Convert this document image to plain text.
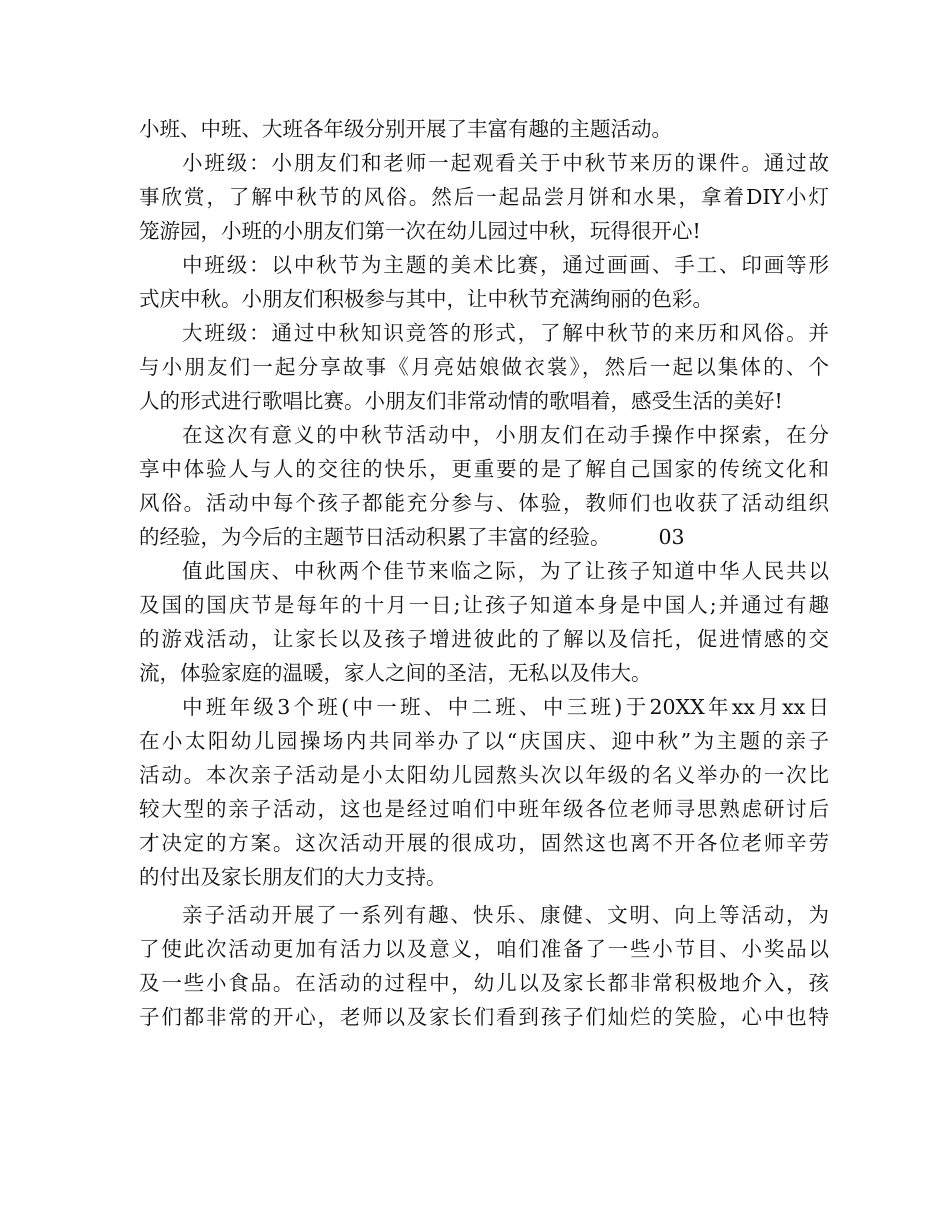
小班、中班、大班各年级分别开展了丰富有趣的主题活动。
小班级：小朋友们和老师一起观看关于中秋节来历的课件。通过故
事欣赏，了解中秋节的风俗。然后一起品尝月饼和水果，拿着DIY小灯
笼游园，小班的小朋友们第一次在幼儿园过中秋，玩得很开心!
中班级：以中秋节为主题的美术比赛，通过画画、手工、印画等形
式庆中秋。小朋友们积极参与其中，让中秋节充满绚丽的色彩。
大班级：通过中秋知识竞答的形式，了解中秋节的来历和风俗。并
与小朋友们一起分享故事《月亮姑娘做衣裳》，然后一起以集体的、个
人的形式进行歌唱比赛。小朋友们非常动情的歌唱着，感受生活的美好!
在这次有意义的中秋节活动中，小朋友们在动手操作中探索，在分
享中体验人与人的交往的快乐，更重要的是了解自己国家的传统文化和
风俗。活动中每个孩子都能充分参与、体验，教师们也收获了活动组织
的经验，为今后的主题节日活动积累了丰富的经验。 03
值此国庆、中秋两个佳节来临之际，为了让孩子知道中华人民共以
及国的国庆节是每年的十月一日;让孩子知道本身是中国人;并通过有趣
的游戏活动，让家长以及孩子增进彼此的了解以及信托，促进情感的交
流，体验家庭的温暖，家人之间的圣洁，无私以及伟大。
中班年级3个班(中一班、中二班、中三班)于20XX年xx月xx日
在小太阳幼儿园操场内共同举办了以“庆国庆、迎中秋”为主题的亲子
活动。本次亲子活动是小太阳幼儿园熬头次以年级的名义举办的一次比
较大型的亲子活动，这也是经过咱们中班年级各位老师寻思熟虑研讨后
才决定的方案。这次活动开展的很成功，固然这也离不开各位老师辛劳
的付出及家长朋友们的大力支持。
亲子活动开展了一系列有趣、快乐、康健、文明、向上等活动，为
了使此次活动更加有活力以及意义，咱们准备了一些小节目、小奖品以
及一些小食品。在活动的过程中，幼儿以及家长都非常积极地介入，孩
子们都非常的开心，老师以及家长们看到孩子们灿烂的笑脸，心中也特
